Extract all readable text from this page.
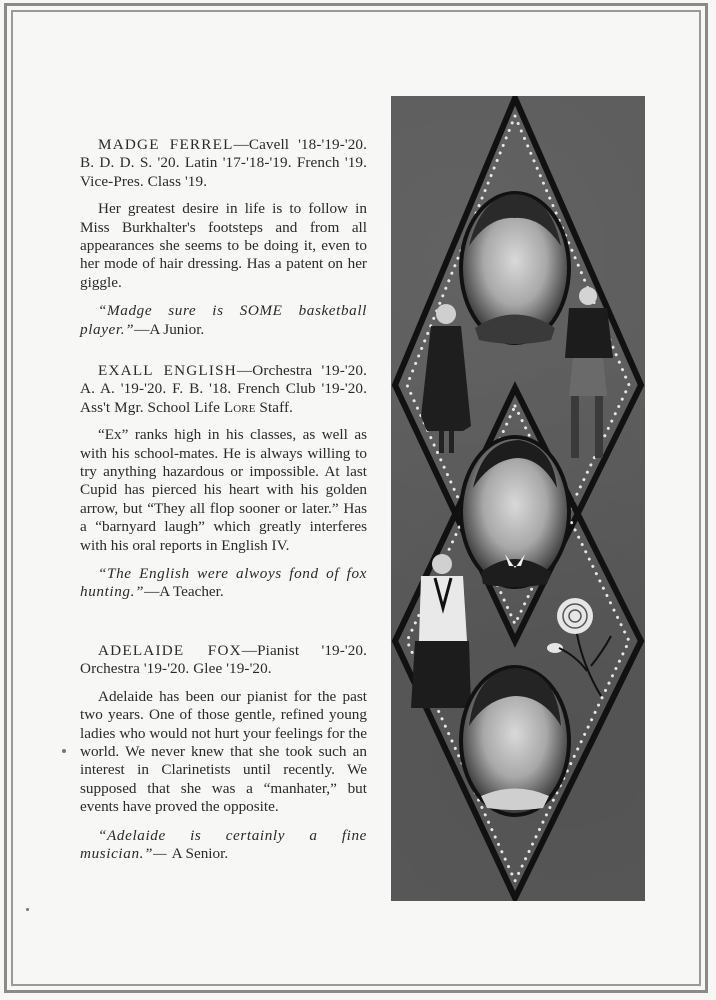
MADGE FERREL—Cavell '18-'19-'20. B. D. D. S. '20. Latin '17-'18-'19. French '19. Vice-Pres. Class '19.

Her greatest desire in life is to follow in Miss Burkhalter's footsteps and from all appearances she seems to be doing it, even to her mode of hair dressing. Has a patent on her giggle.

“Madge sure is SOME basketball player.”—A Junior.

EXALL ENGLISH—Orchestra '19-'20. A. A. '19-'20. F. B. '18. French Club '19-'20. Ass't Mgr. School Life Lore Staff.

“Ex” ranks high in his classes, as well as with his school-mates. He is always willing to try anything hazardous or impossible. At last Cupid has pierced his heart with his golden arrow, but “They all flop sooner or later.” Has a “barnyard laugh” which greatly interferes with his oral reports in English IV.

“The English were alwoys fond of fox hunting.”—A Teacher.

ADELAIDE FOX—Pianist '19-'20. Orchestra '19-'20. Glee '19-'20.

Adelaide has been our pianist for the past two years. One of those gentle, refined young ladies who would not hurt your feelings for the world. We never knew that she took such an interest in Clarinetists until recently. We supposed that she was a “manhater,” but events have proved the opposite.

“Adelaide is certainly a fine musician.”— A Senior.
